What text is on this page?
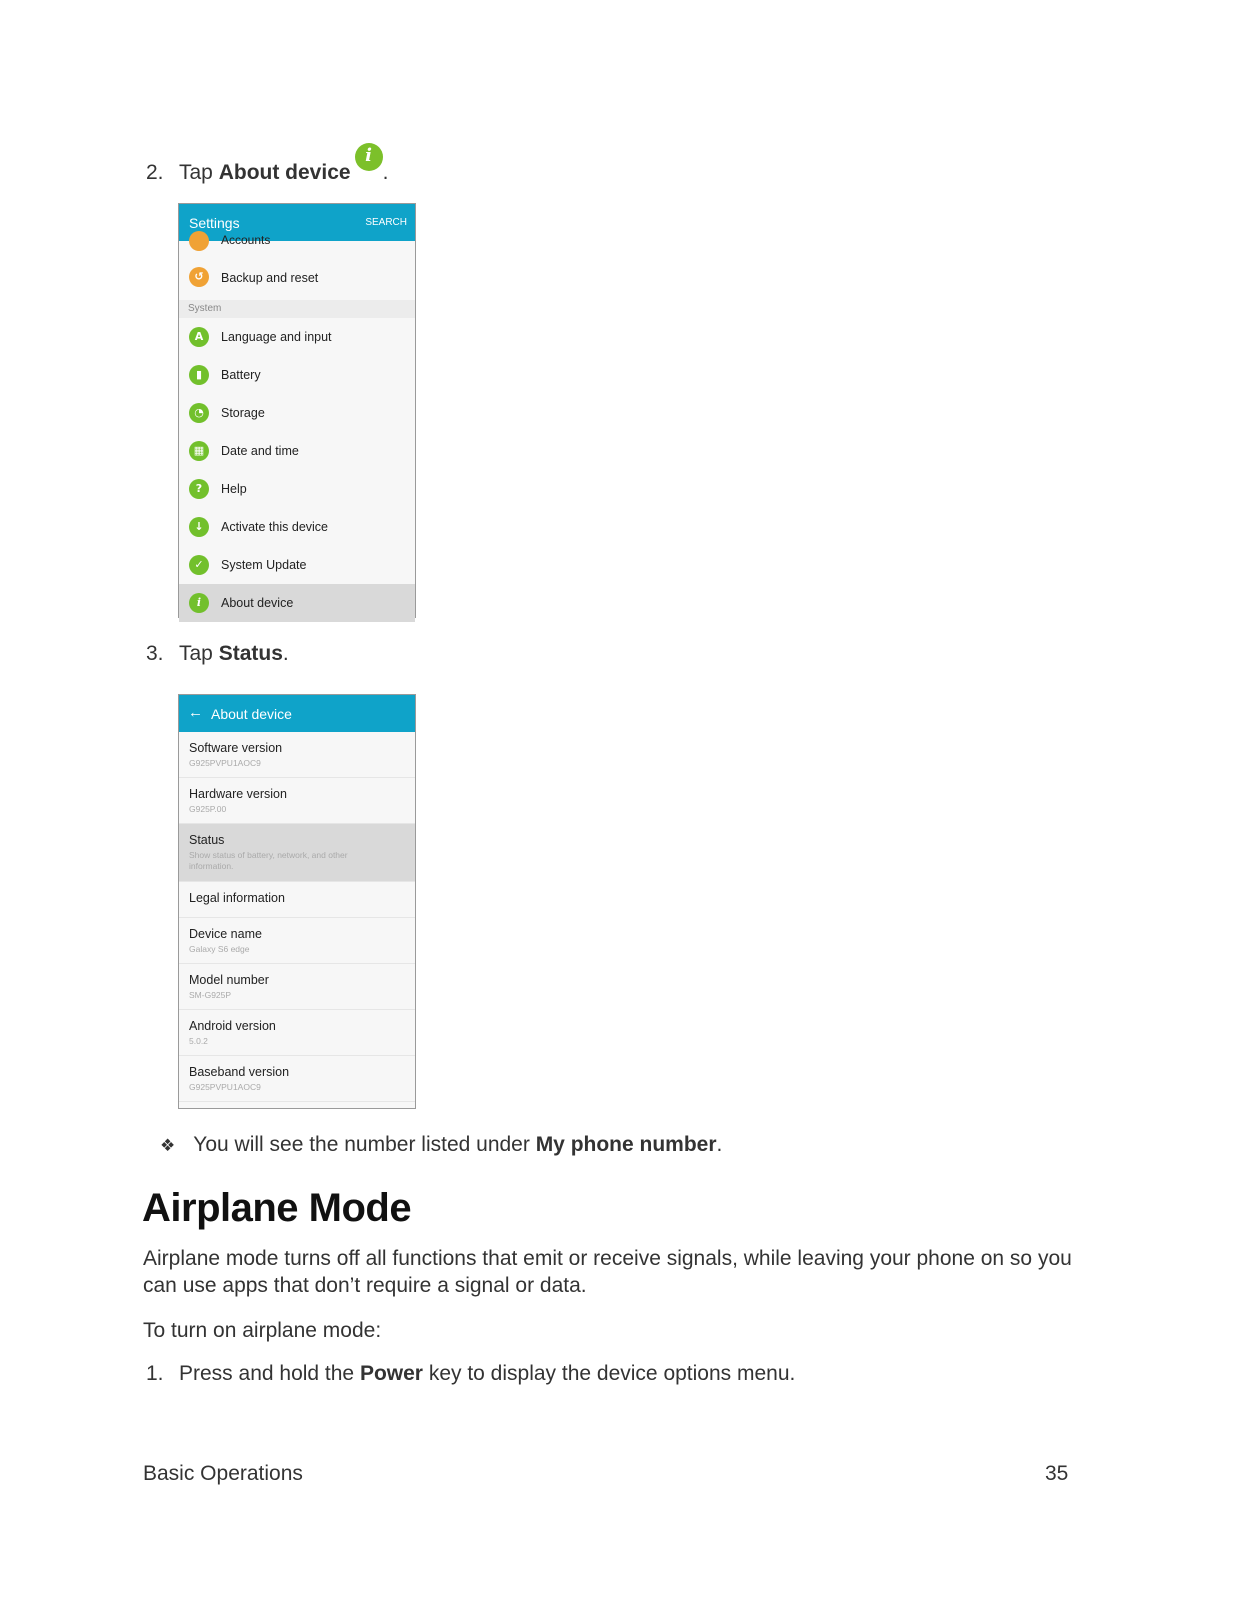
2. Tap About devicei .
Settings	SEARCH
Accounts
↺	Backup and reset
System
A	Language and input
▮	Battery
◔	Storage
▦	Date and time
?	Help
↓	Activate this device
✓	System Update
i	About device
3. Tap Status.
← About device
Software version
G925PVPU1AOC9
Hardware version
G925P.00
Status
Show status of battery, network, and other information.
Legal information
Device name
Galaxy S6 edge
Model number
SM-G925P
Android version
5.0.2
Baseband version
G925PVPU1AOC9
❖ You will see the number listed under My phone number.
Airplane Mode
Airplane mode turns off all functions that emit or receive signals, while leaving your phone on so you
can use apps that don’t require a signal or data.
To turn on airplane mode:
1. Press and hold the Power key to display the device options menu.
Basic Operations	35
